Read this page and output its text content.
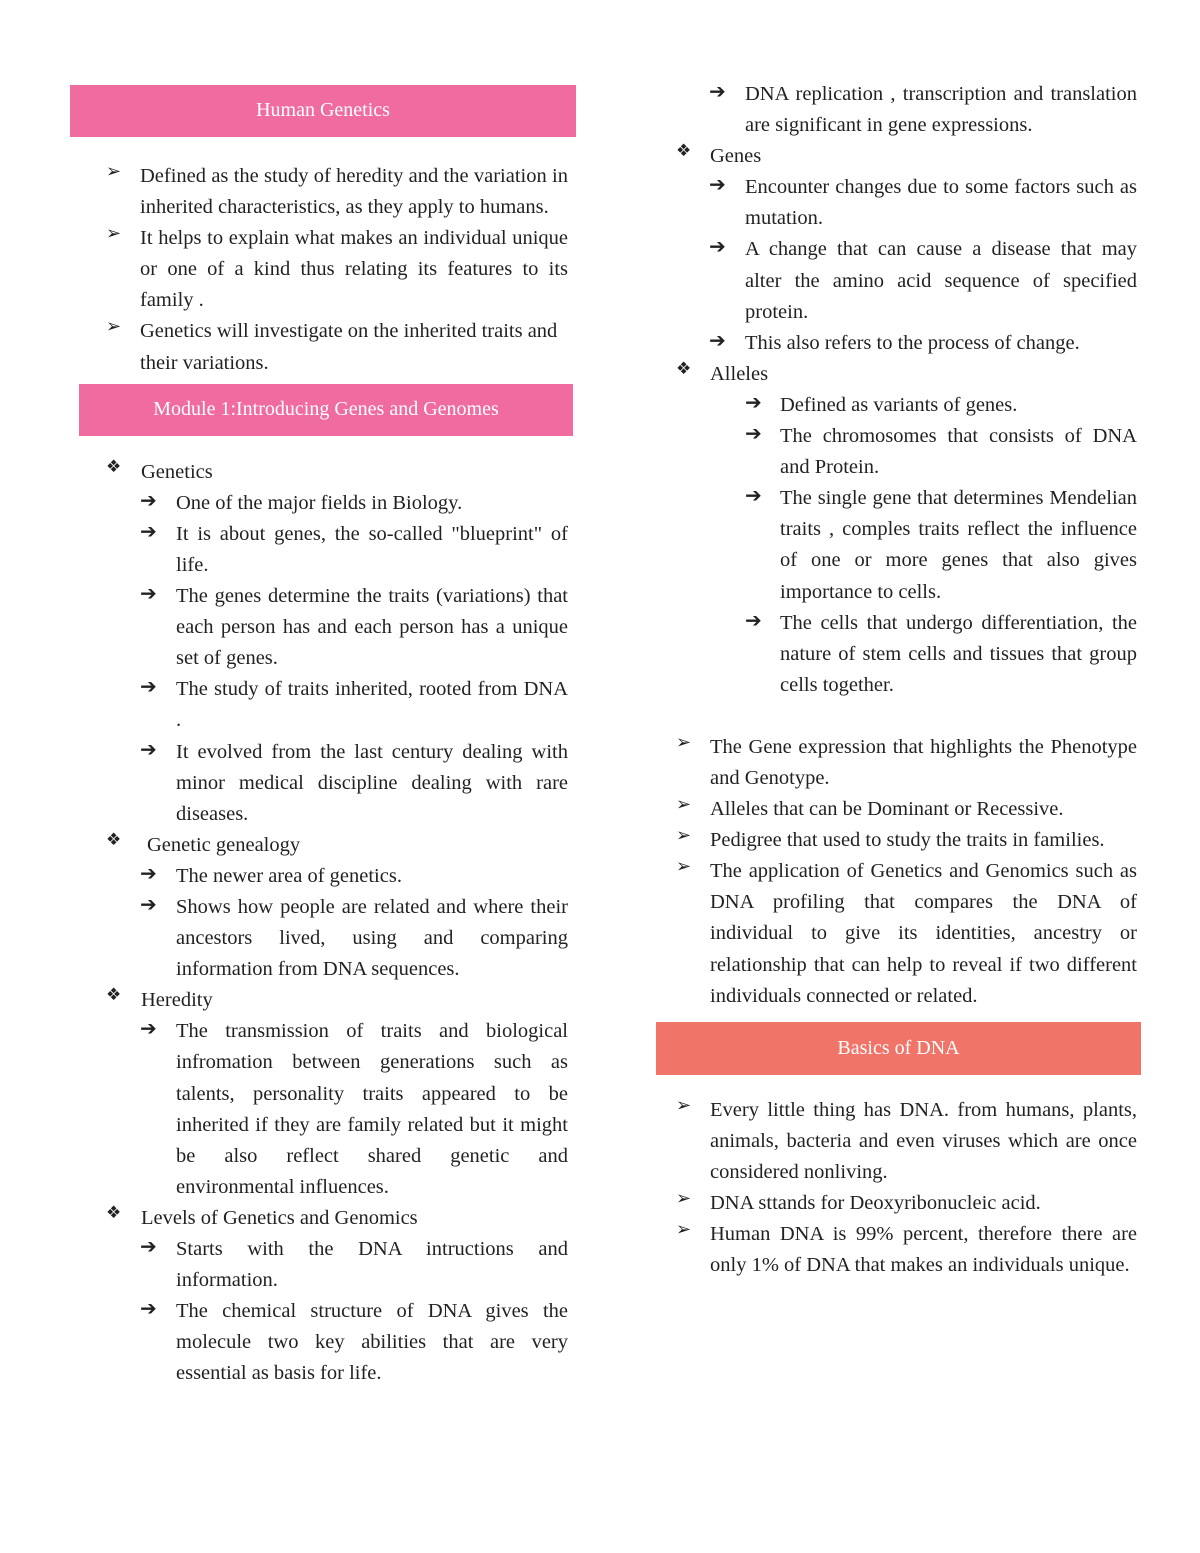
Human Genetics
➢ Defined as the study of heredity and the variation in inherited characteristics, as they apply to humans.
➢ It helps to explain what makes an individual unique or one of a kind thus relating its features to its family .
➢ Genetics will investigate on the inherited traits and their variations.
Module 1:Introducing Genes and Genomes
❖ Genetics
➔ One of the major fields in Biology.
➔ It is about genes, the so-called "blueprint" of life.
➔ The genes determine the traits (variations) that each person has and each person has a unique set of genes.
➔ The study of traits inherited, rooted from DNA .
➔ It evolved from the last century dealing with minor medical discipline dealing with rare diseases.
❖ Genetic genealogy
➔ The newer area of genetics.
➔ Shows how people are related and where their ancestors lived, using and comparing information from DNA sequences.
❖ Heredity
➔ The transmission of traits and biological infromation between generations such as talents, personality traits appeared to be inherited if they are family related but it might be also reflect shared genetic and environmental influences.
❖ Levels of Genetics and Genomics
➔ Starts with the DNA intructions and information.
➔ The chemical structure of DNA gives the molecule two key abilities that are very essential as basis for life.
➔ DNA replication , transcription and translation are significant in gene expressions.
❖ Genes
➔ Encounter changes due to some factors such as mutation.
➔ A change that can cause a disease that may alter the amino acid sequence of specified protein.
➔ This also refers to the process of change.
❖ Alleles
➔ Defined as variants of genes.
➔ The chromosomes that consists of DNA and Protein.
➔ The single gene that determines Mendelian traits , comples traits reflect the influence of one or more genes that also gives importance to cells.
➔ The cells that undergo differentiation, the nature of stem cells and tissues that group cells together.
➢ The Gene expression that highlights the Phenotype and Genotype.
➢ Alleles that can be Dominant or Recessive.
➢ Pedigree that used to study the traits in families.
➢ The application of Genetics and Genomics such as DNA profiling that compares the DNA of individual to give its identities, ancestry or relationship that can help to reveal if two different individuals connected or related.
Basics of DNA
➢ Every little thing has DNA. from humans, plants, animals, bacteria and even viruses which are once considered nonliving.
➢ DNA sttands for Deoxyribonucleic acid.
➢ Human DNA is 99% percent, therefore there are only 1% of DNA that makes an individuals unique.
